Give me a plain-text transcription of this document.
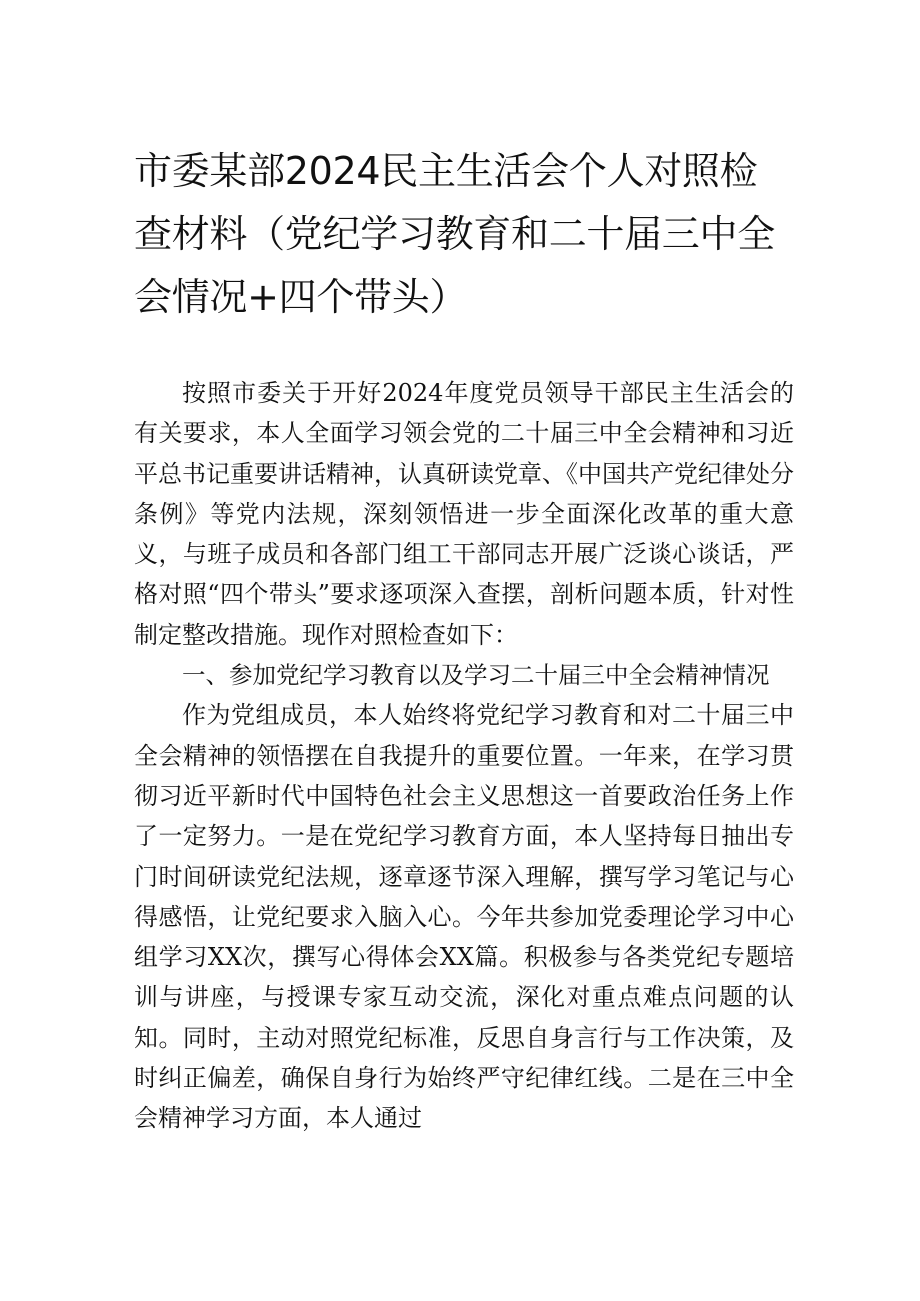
市委某部2024民主生活会个人对照检查材料（党纪学习教育和二十届三中全会情况+四个带头）

按照市委关于开好2024年度党员领导干部民主生活会的有关要求，本人全面学习领会党的二十届三中全会精神和习近平总书记重要讲话精神，认真研读党章、《中国共产党纪律处分条例》等党内法规，深刻领悟进一步全面深化改革的重大意义，与班子成员和各部门组工干部同志开展广泛谈心谈话，严格对照“四个带头”要求逐项深入查摆，剖析问题本质，针对性制定整改措施。现作对照检查如下：

一、参加党纪学习教育以及学习二十届三中全会精神情况

作为党组成员，本人始终将党纪学习教育和对二十届三中全会精神的领悟摆在自我提升的重要位置。一年来，在学习贯彻习近平新时代中国特色社会主义思想这一首要政治任务上作了一定努力。一是在党纪学习教育方面，本人坚持每日抽出专门时间研读党纪法规，逐章逐节深入理解，撰写学习笔记与心得感悟，让党纪要求入脑入心。今年共参加党委理论学习中心组学习XX次，撰写心得体会XX篇。积极参与各类党纪专题培训与讲座，与授课专家互动交流，深化对重点难点问题的认知。同时，主动对照党纪标准，反思自身言行与工作决策，及时纠正偏差，确保自身行为始终严守纪律红线。二是在三中全会精神学习方面，本人通过
